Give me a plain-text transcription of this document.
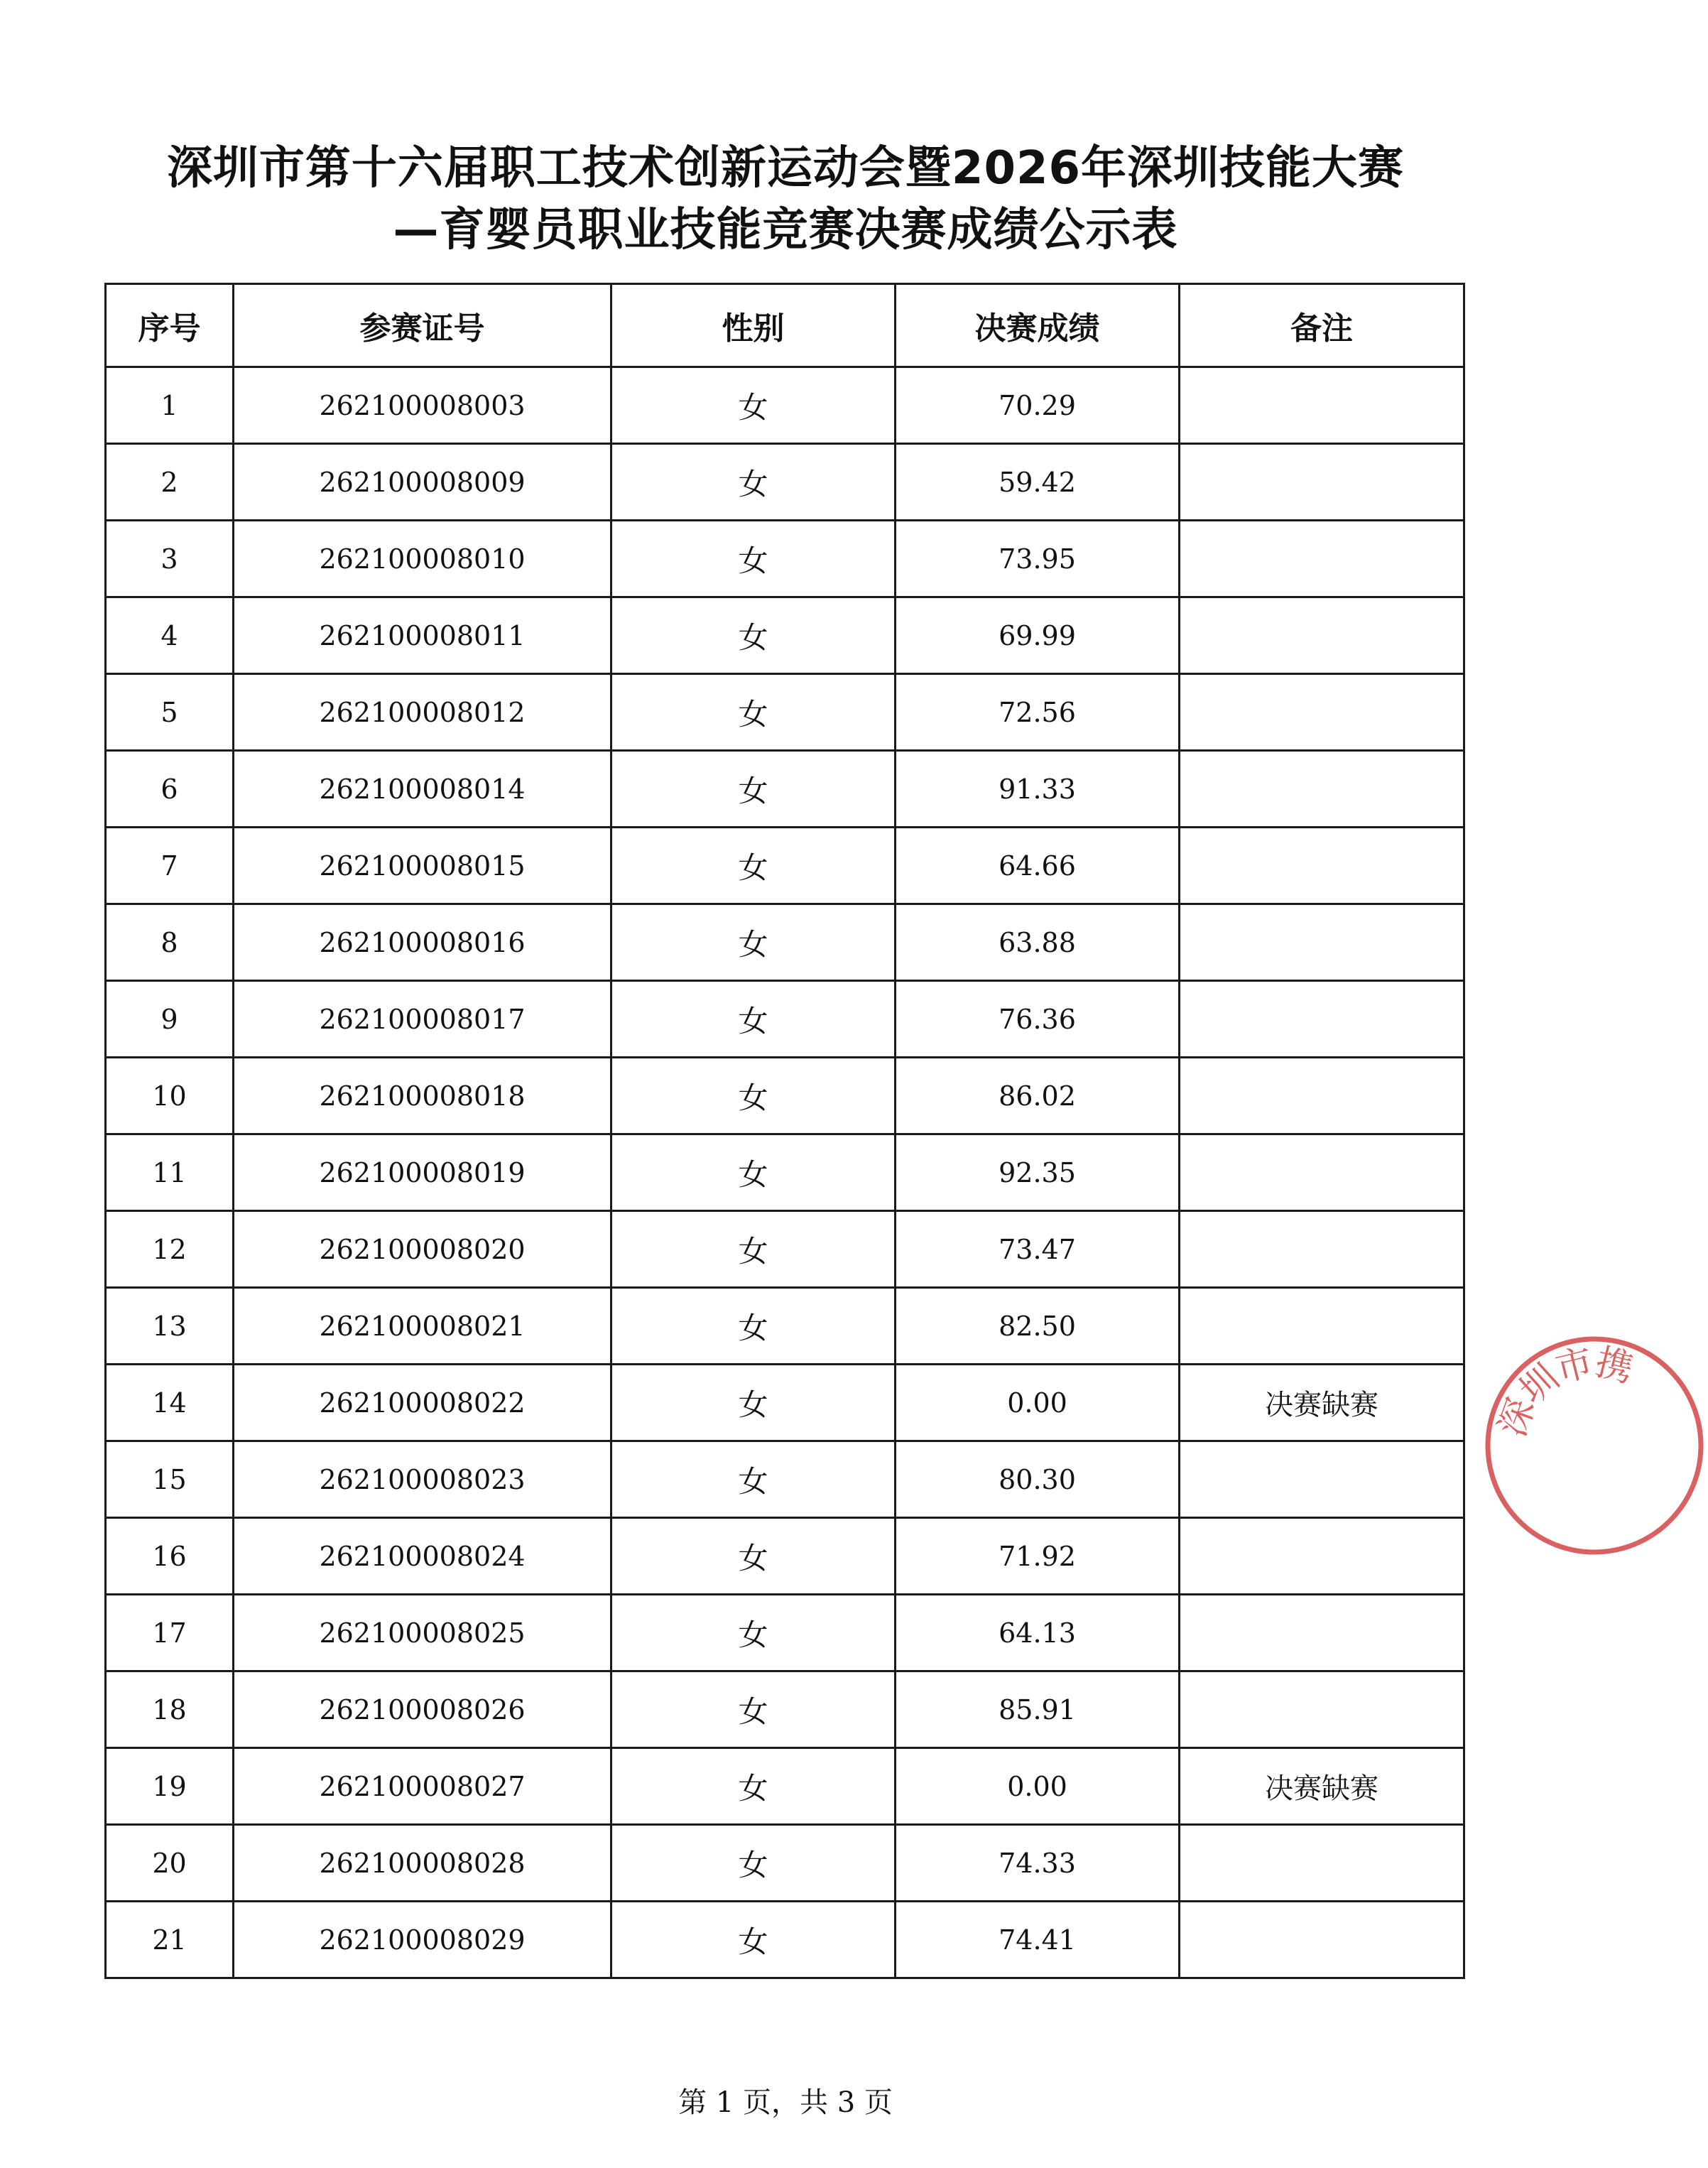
深圳市第十六届职工技术创新运动会暨2026年深圳技能大赛
—育婴员职业技能竞赛决赛成绩公示表
序号	参赛证号	性别	决赛成绩	备注
1	262100008003	女	70.29	
2	262100008009	女	59.42	
3	262100008010	女	73.95	
4	262100008011	女	69.99	
5	262100008012	女	72.56	
6	262100008014	女	91.33	
7	262100008015	女	64.66	
8	262100008016	女	63.88	
9	262100008017	女	76.36	
10	262100008018	女	86.02	
11	262100008019	女	92.35	
12	262100008020	女	73.47	
13	262100008021	女	82.50	
14	262100008022	女	0.00	决赛缺赛
15	262100008023	女	80.30	
16	262100008024	女	71.92	
17	262100008025	女	64.13	
18	262100008026	女	85.91	
19	262100008027	女	0.00	决赛缺赛
20	262100008028	女	74.33	
21	262100008029	女	74.41	
第 1 页，共 3 页
深
圳
市
携
